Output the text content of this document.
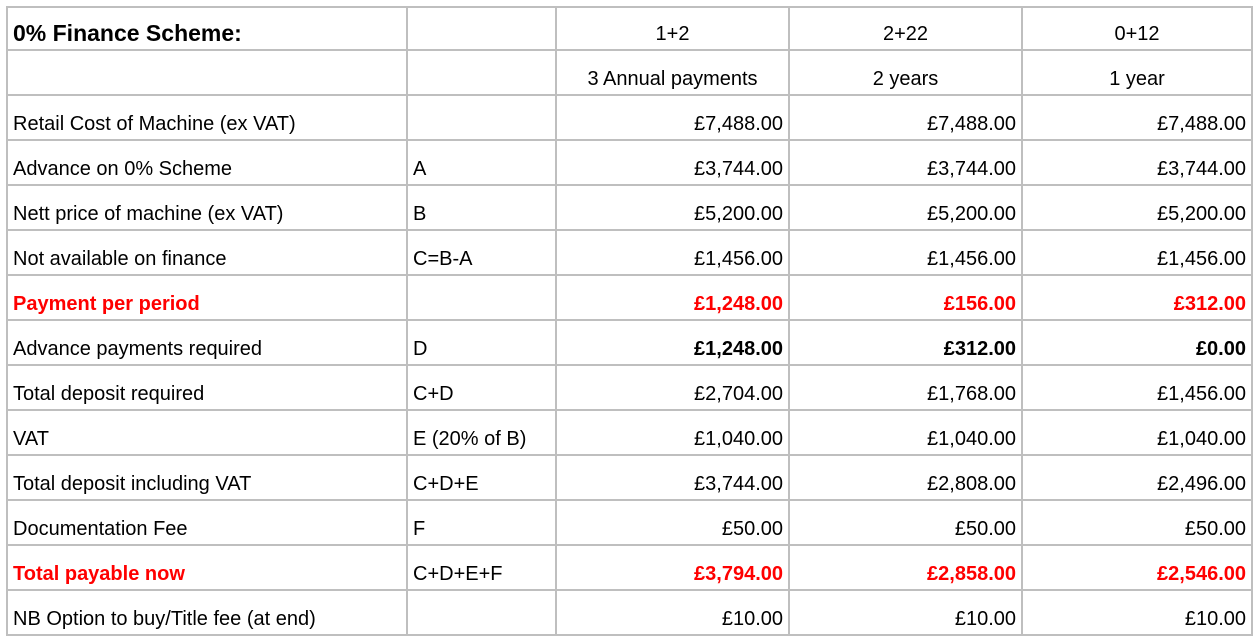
0% Finance Scheme:		1+2	2+22	0+12
		3 Annual payments	2 years	1 year
Retail Cost of Machine (ex VAT)		£7,488.00	£7,488.00	£7,488.00
Advance on 0% Scheme	A	£3,744.00	£3,744.00	£3,744.00
Nett price of machine (ex VAT)	B	£5,200.00	£5,200.00	£5,200.00
Not available on finance	C=B-A	£1,456.00	£1,456.00	£1,456.00
Payment per period		£1,248.00	£156.00	£312.00
Advance payments required	D	£1,248.00	£312.00	£0.00
Total deposit required	C+D	£2,704.00	£1,768.00	£1,456.00
VAT	E (20% of B)	£1,040.00	£1,040.00	£1,040.00
Total deposit including VAT	C+D+E	£3,744.00	£2,808.00	£2,496.00
Documentation Fee	F	£50.00	£50.00	£50.00
Total payable now	C+D+E+F	£3,794.00	£2,858.00	£2,546.00
NB Option to buy/Title fee (at end)		£10.00	£10.00	£10.00
